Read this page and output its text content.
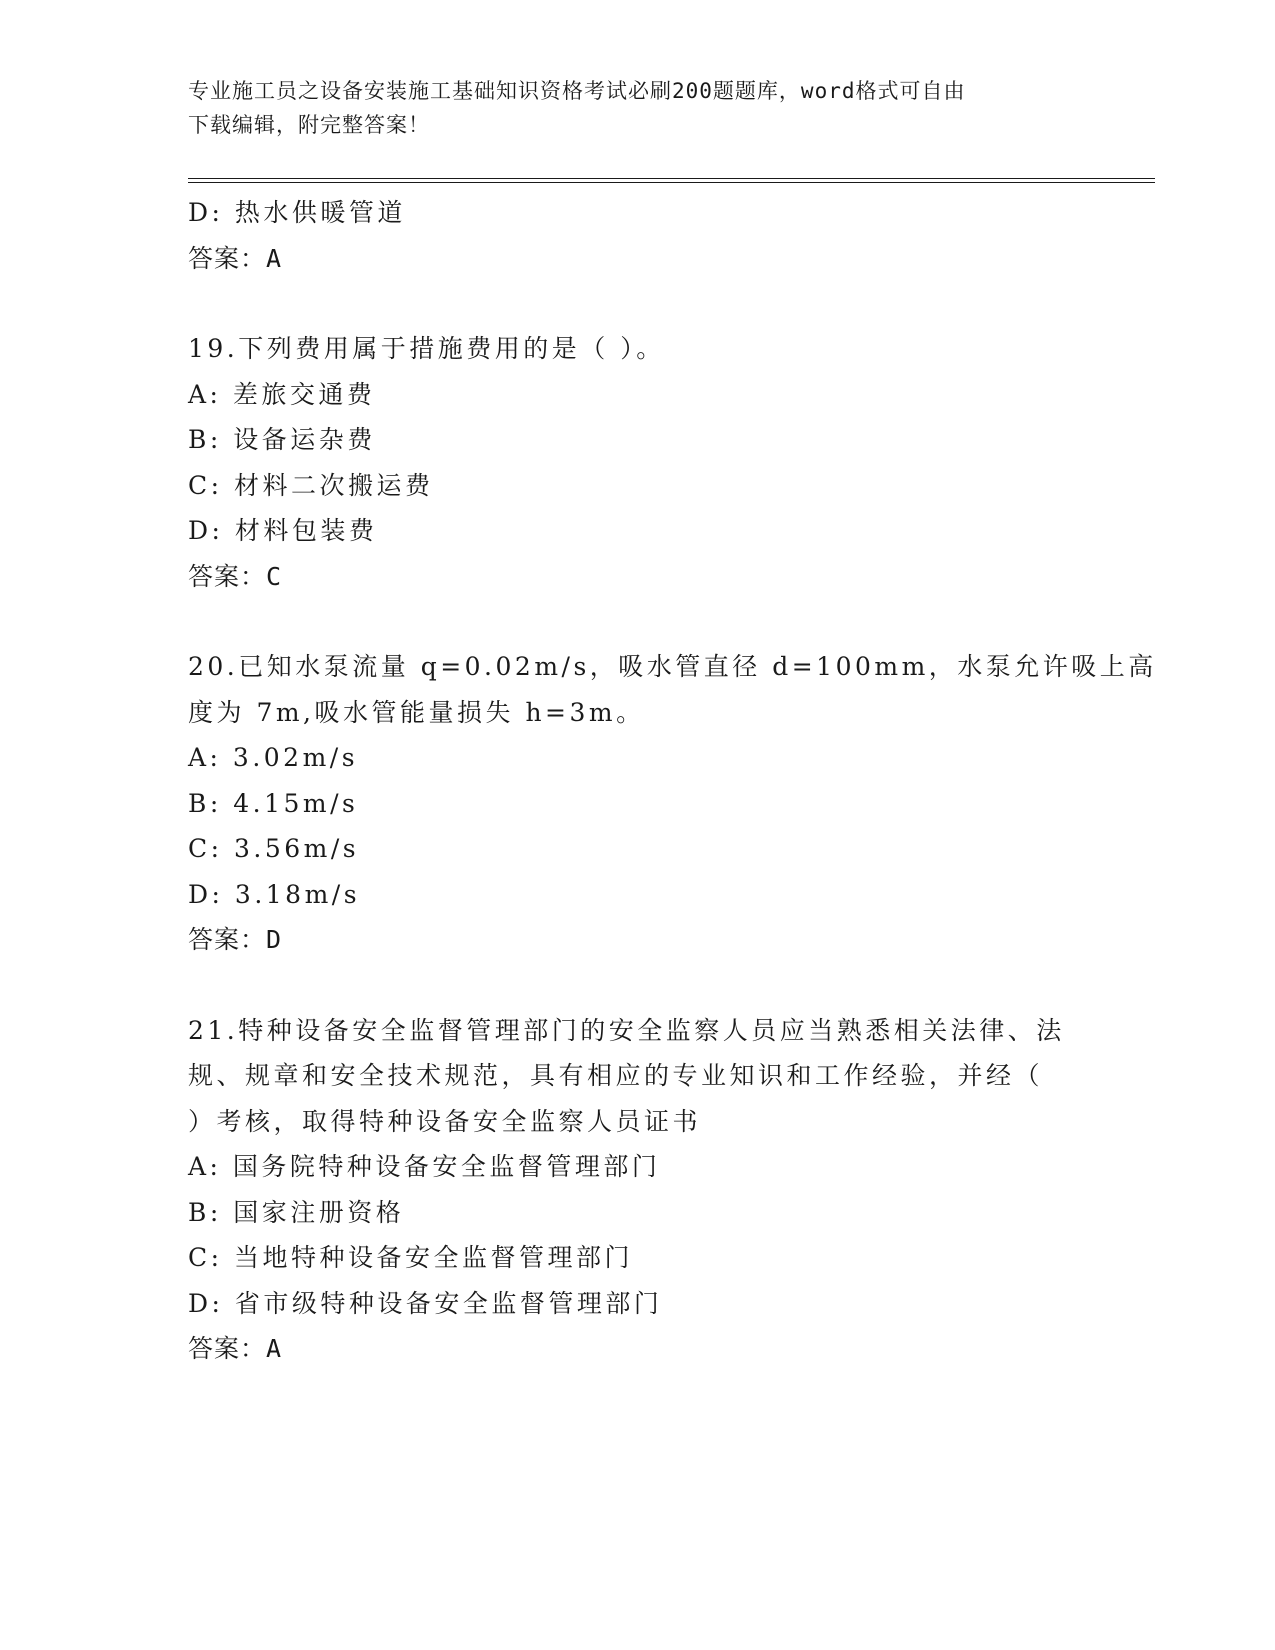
专业施工员之设备安装施工基础知识资格考试必刷200题题库，word格式可自由
下载编辑，附完整答案！
D: 热水供暖管道
答案：A
19.下列费用属于措施费用的是（ ）。
A: 差旅交通费
B: 设备运杂费
C: 材料二次搬运费
D: 材料包装费
答案：C
20.已知水泵流量 q=0.02m/s，吸水管直径 d=100mm，水泵允许吸上高
度为 7m,吸水管能量损失 h=3m。
A: 3.02m/s
B: 4.15m/s
C: 3.56m/s
D: 3.18m/s
答案：D
21.特种设备安全监督管理部门的安全监察人员应当熟悉相关法律、法
规、规章和安全技术规范，具有相应的专业知识和工作经验，并经（
）考核，取得特种设备安全监察人员证书
A: 国务院特种设备安全监督管理部门
B: 国家注册资格
C: 当地特种设备安全监督管理部门
D: 省市级特种设备安全监督管理部门
答案：A
